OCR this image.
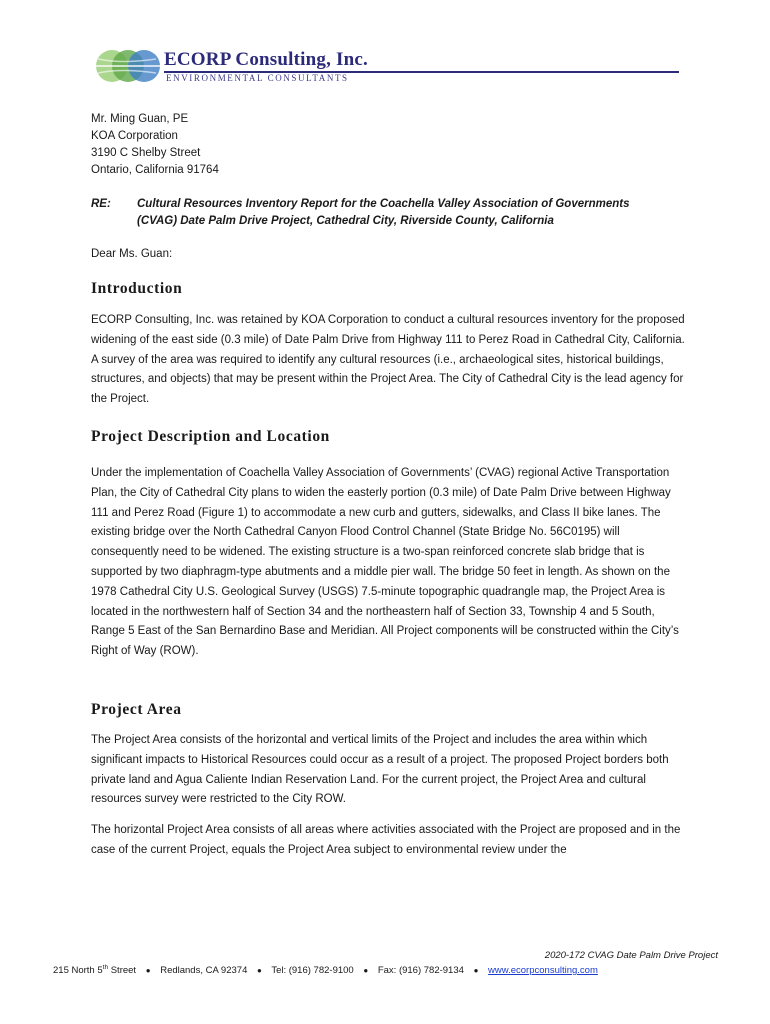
ECORP Consulting, Inc.
ENVIRONMENTAL CONSULTANTS
Mr. Ming Guan, PE
KOA Corporation
3190 C Shelby Street
Ontario, California 91764
RE: Cultural Resources Inventory Report for the Coachella Valley Association of Governments
(CVAG) Date Palm Drive Project, Cathedral City, Riverside County, California
Dear Ms. Guan:
Introduction

ECORP Consulting, Inc. was retained by KOA Corporation to conduct a cultural resources inventory for the proposed widening of the east side (0.3 mile) of Date Palm Drive from Highway 111 to Perez Road in Cathedral City, California. A survey of the area was required to identify any cultural resources (i.e., archaeological sites, historical buildings, structures, and objects) that may be present within the Project Area. The City of Cathedral City is the lead agency for the Project.

Project Description and Location

Under the implementation of Coachella Valley Association of Governments’ (CVAG) regional Active Transportation Plan, the City of Cathedral City plans to widen the easterly portion (0.3 mile) of Date Palm Drive between Highway 111 and Perez Road (Figure 1) to accommodate a new curb and gutters, sidewalks, and Class II bike lanes. The existing bridge over the North Cathedral Canyon Flood Control Channel (State Bridge No. 56C0195) will consequently need to be widened. The existing structure is a two-span reinforced concrete slab bridge that is supported by two diaphragm-type abutments and a middle pier wall. The bridge 50 feet in length. As shown on the 1978 Cathedral City U.S. Geological Survey (USGS) 7.5-minute topographic quadrangle map, the Project Area is located in the northwestern half of Section 34 and the northeastern half of Section 33, Township 4 and 5 South, Range 5 East of the San Bernardino Base and Meridian. All Project components will be constructed within the City’s Right of Way (ROW).

Project Area

The Project Area consists of the horizontal and vertical limits of the Project and includes the area within which significant impacts to Historical Resources could occur as a result of a project. The proposed Project borders both private land and Agua Caliente Indian Reservation Land. For the current project, the Project Area and cultural resources survey were restricted to the City ROW.

The horizontal Project Area consists of all areas where activities associated with the Project are proposed and in the case of the current Project, equals the Project Area subject to environmental review under the

2020-172 CVAG Date Palm Drive Project
215 North 5th Street ● Redlands, CA 92374 ● Tel: (916) 782-9100 ● Fax: (916) 782-9134 ● www.ecorpconsulting.com
